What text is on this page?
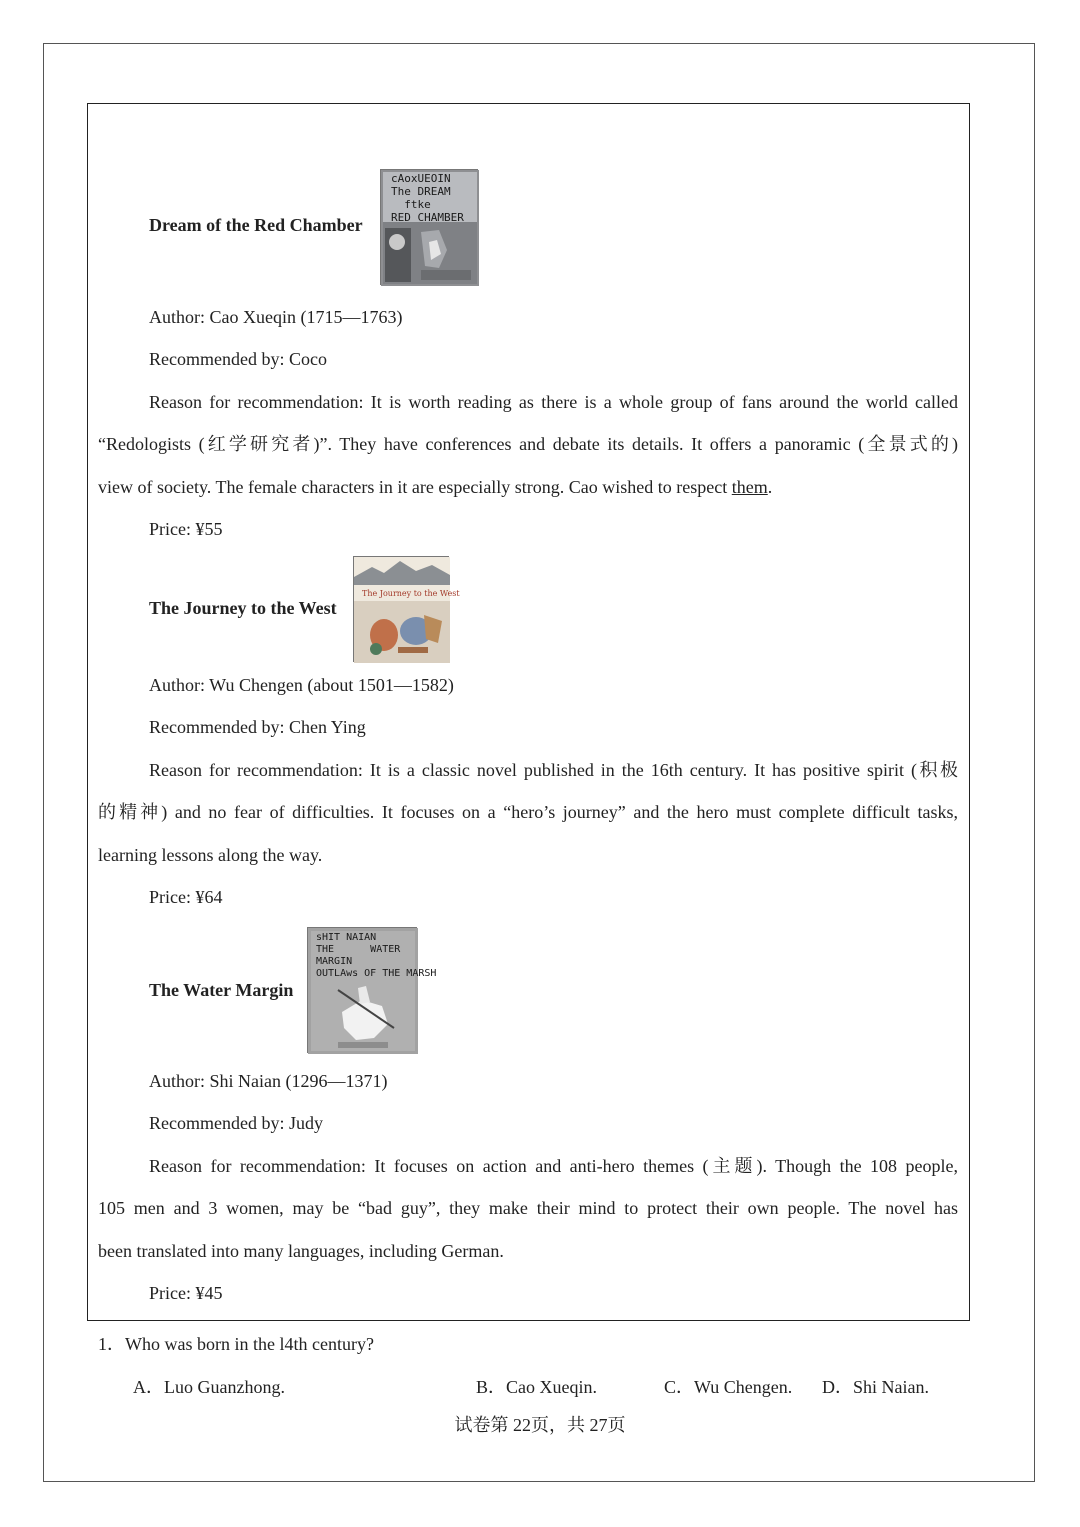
Dream of the Red Chamber
cAoxUEOIN
The DREAM
ftke
RED CHAMBER
Author: Cao Xueqin (1715—1763)
Recommended by: Coco
Reason for recommendation: It is worth reading as there is a whole group of fans around the world called
“Redologists (红学研究者)”. They have conferences and debate its details. It offers a panoramic (全景式的)
view of society. The female characters in it are especially strong. Cao wished to respect them.
Price: ¥55
The Journey to the West
The Journey to the West
Author: Wu Chengen (about 1501—1582)
Recommended by: Chen Ying
Reason for recommendation: It is a classic novel published in the 16th century. It has positive spirit (积极
的精神) and no fear of difficulties. It focuses on a “hero’s journey” and the hero must complete difficult tasks,
learning lessons along the way.
Price: ¥64
The Water Margin
sHIT NAIAN
THE      WATER
MARGIN
OUTLAws OF THE MARSH
Author: Shi Naian (1296—1371)
Recommended by: Judy
Reason for recommendation: It focuses on action and anti-hero themes (主题). Though the 108 people,
105 men and 3 women, may be “bad guy”, they make their mind to protect their own people. The novel has
been translated into many languages, including German.
Price: ¥45
1．Who was born in the l4th century?
A．Luo Guanzhong.	B．Cao Xueqin.	C．Wu Chengen. D．Shi Naian.
试卷第 22页，共 27页
